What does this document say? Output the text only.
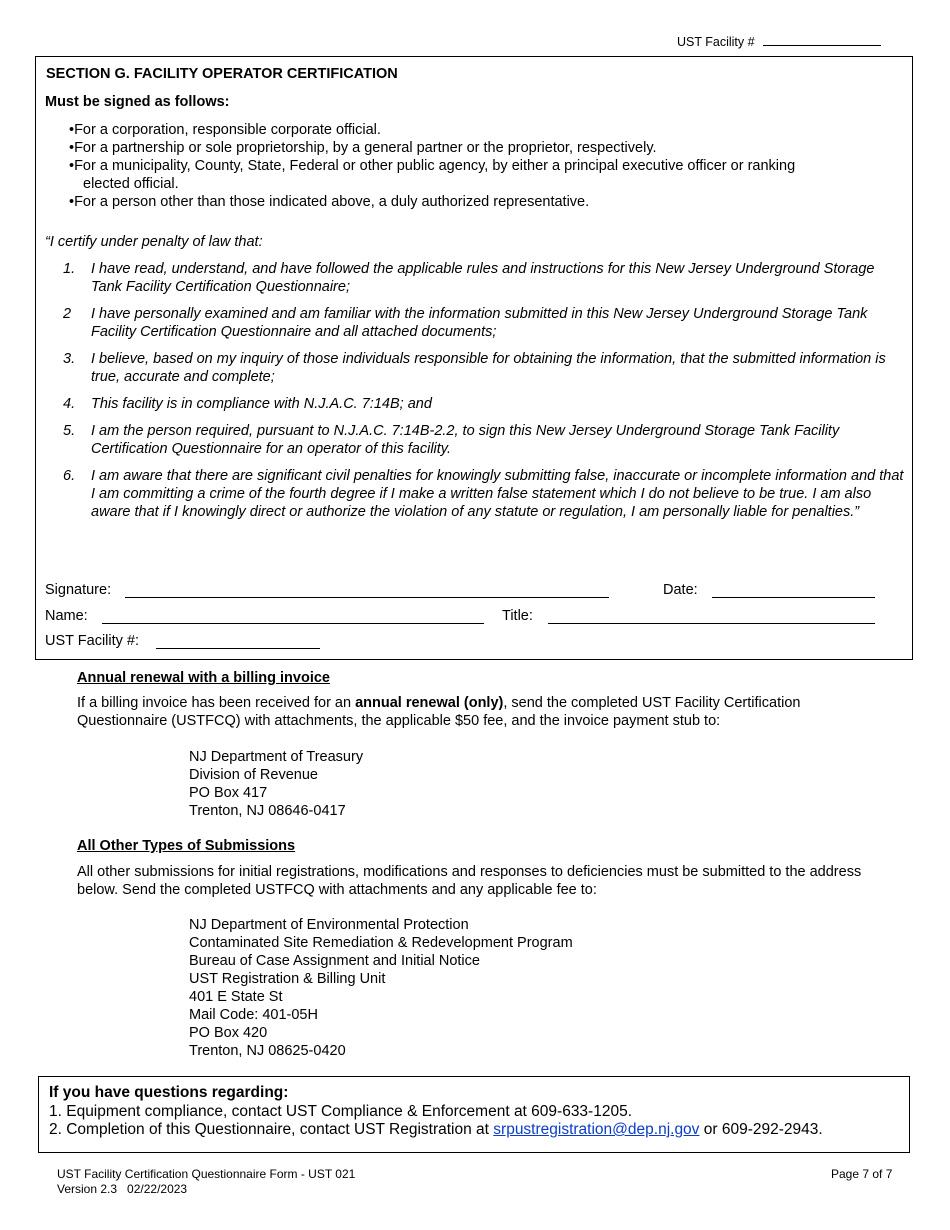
UST Facility #
SECTION G. FACILITY OPERATOR CERTIFICATION
Must be signed as follows:
•For a corporation, responsible corporate official.
•For a partnership or sole proprietorship, by a general partner or the proprietor, respectively.
•For a municipality, County, State, Federal or other public agency, by either a principal executive officer or ranking
elected official.
•For a person other than those indicated above, a duly authorized representative.
“I certify under penalty of law that:
1. I have read, understand, and have followed the applicable rules and instructions for this New Jersey Underground Storage Tank Facility Certification Questionnaire;
2 I have personally examined and am familiar with the information submitted in this New Jersey Underground Storage Tank Facility Certification Questionnaire and all attached documents;
3. I believe, based on my inquiry of those individuals responsible for obtaining the information, that the submitted information is true, accurate and complete;
4. This facility is in compliance with N.J.A.C. 7:14B; and
5. I am the person required, pursuant to N.J.A.C. 7:14B-2.2, to sign this New Jersey Underground Storage Tank Facility Certification Questionnaire for an operator of this facility.
6. I am aware that there are significant civil penalties for knowingly submitting false, inaccurate or incomplete information and that I am committing a crime of the fourth degree if I make a written false statement which I do not believe to be true. I am also aware that if I knowingly direct or authorize the violation of any statute or regulation, I am personally liable for penalties.”
Signature:	Date:
Name:	Title:
UST Facility #:
Annual renewal with a billing invoice
If a billing invoice has been received for an annual renewal (only), send the completed UST Facility Certification Questionnaire (USTFCQ) with attachments, the applicable $50 fee, and the invoice payment stub to:
NJ Department of Treasury
Division of Revenue
PO Box 417
Trenton, NJ 08646-0417
All Other Types of Submissions
All other submissions for initial registrations, modifications and responses to deficiencies must be submitted to the address below. Send the completed USTFCQ with attachments and any applicable fee to:
NJ Department of Environmental Protection
Contaminated Site Remediation & Redevelopment Program
Bureau of Case Assignment and Initial Notice
UST Registration & Billing Unit
401 E State St
Mail Code: 401-05H
PO Box 420
Trenton, NJ 08625-0420
If you have questions regarding:
1. Equipment compliance, contact UST Compliance & Enforcement at 609-633-1205.
2. Completion of this Questionnaire, contact UST Registration at srpustregistration@dep.nj.gov or 609-292-2943.
UST Facility Certification Questionnaire Form - UST 021
Version 2.3   02/22/2023
Page 7 of 7
